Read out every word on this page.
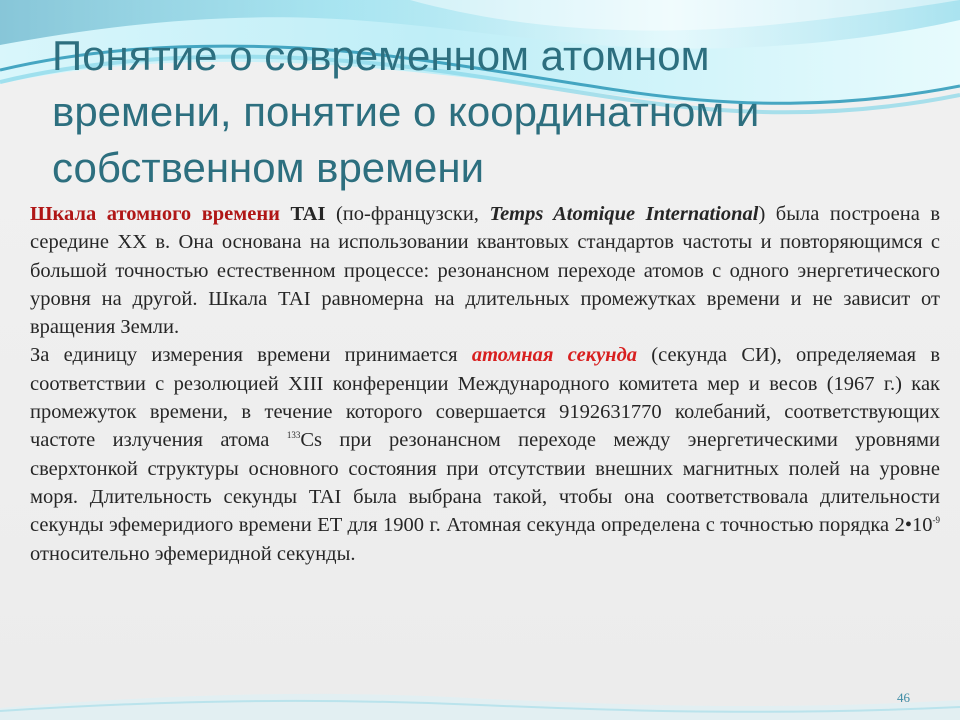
Понятие о современном атомном
времени, понятие о координатном и
собственном времени

Шкала атомного времени TAI (по-французски, Temps Atomique International) была построена в середине XX в. Она основана на использовании квантовых стандартов частоты и повторяющимся с большой точностью естественном процессе: резонансном переходе атомов с одного энергетического уровня на другой. Шкала TAI равномерна на длительных промежутках времени и не зависит от вращения Земли.

За единицу измерения времени принимается атомная секунда (секунда СИ), определяемая в соответствии с резолюцией XIII конференции Международного комитета мер и весов (1967 г.) как промежуток времени, в течение которого совершается 9192631770 колебаний, соответствующих частоте излучения атома $^{133}$Cs при резонансном переходе между энергетическими уровнями сверхтонкой структуры основного состояния при отсутствии внешних магнитных полей на уровне моря. Длительность секунды TAI была выбрана такой, чтобы она соответствовала длительности секунды эфемеридиого времени ET для 1900 г. Атомная секунда определена с точностью порядка $2•10^{-9}$ относительно эфемеридной секунды.

46
